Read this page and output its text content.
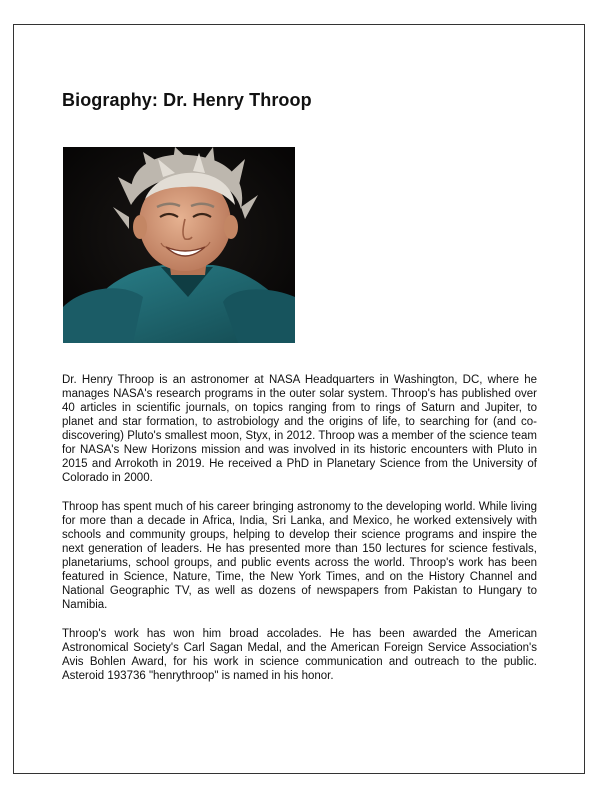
Biography: Dr. Henry Throop

Dr. Henry Throop is an astronomer at NASA Headquarters in Washington, DC, where he manages NASA's research programs in the outer solar system. Throop's has published over 40 articles in scientific journals, on topics ranging from to rings of Saturn and Jupiter, to planet and star formation, to astrobiology and the origins of life, to searching for (and co-discovering) Pluto's smallest moon, Styx, in 2012. Throop was a member of the science team for NASA's New Horizons mission and was involved in its historic encounters with Pluto in 2015 and Arrokoth in 2019. He received a PhD in Planetary Science from the University of Colorado in 2000.

Throop has spent much of his career bringing astronomy to the developing world. While living for more than a decade in Africa, India, Sri Lanka, and Mexico, he worked extensively with schools and community groups, helping to develop their science programs and inspire the next generation of leaders. He has presented more than 150 lectures for science festivals, planetariums, school groups, and public events across the world. Throop's work has been featured in Science, Nature, Time, the New York Times, and on the History Channel and National Geographic TV, as well as dozens of newspapers from Pakistan to Hungary to Namibia.

Throop's work has won him broad accolades. He has been awarded the American Astronomical Society's Carl Sagan Medal, and the American Foreign Service Association's Avis Bohlen Award, for his work in science communication and outreach to the public. Asteroid 193736 "henrythroop" is named in his honor.
